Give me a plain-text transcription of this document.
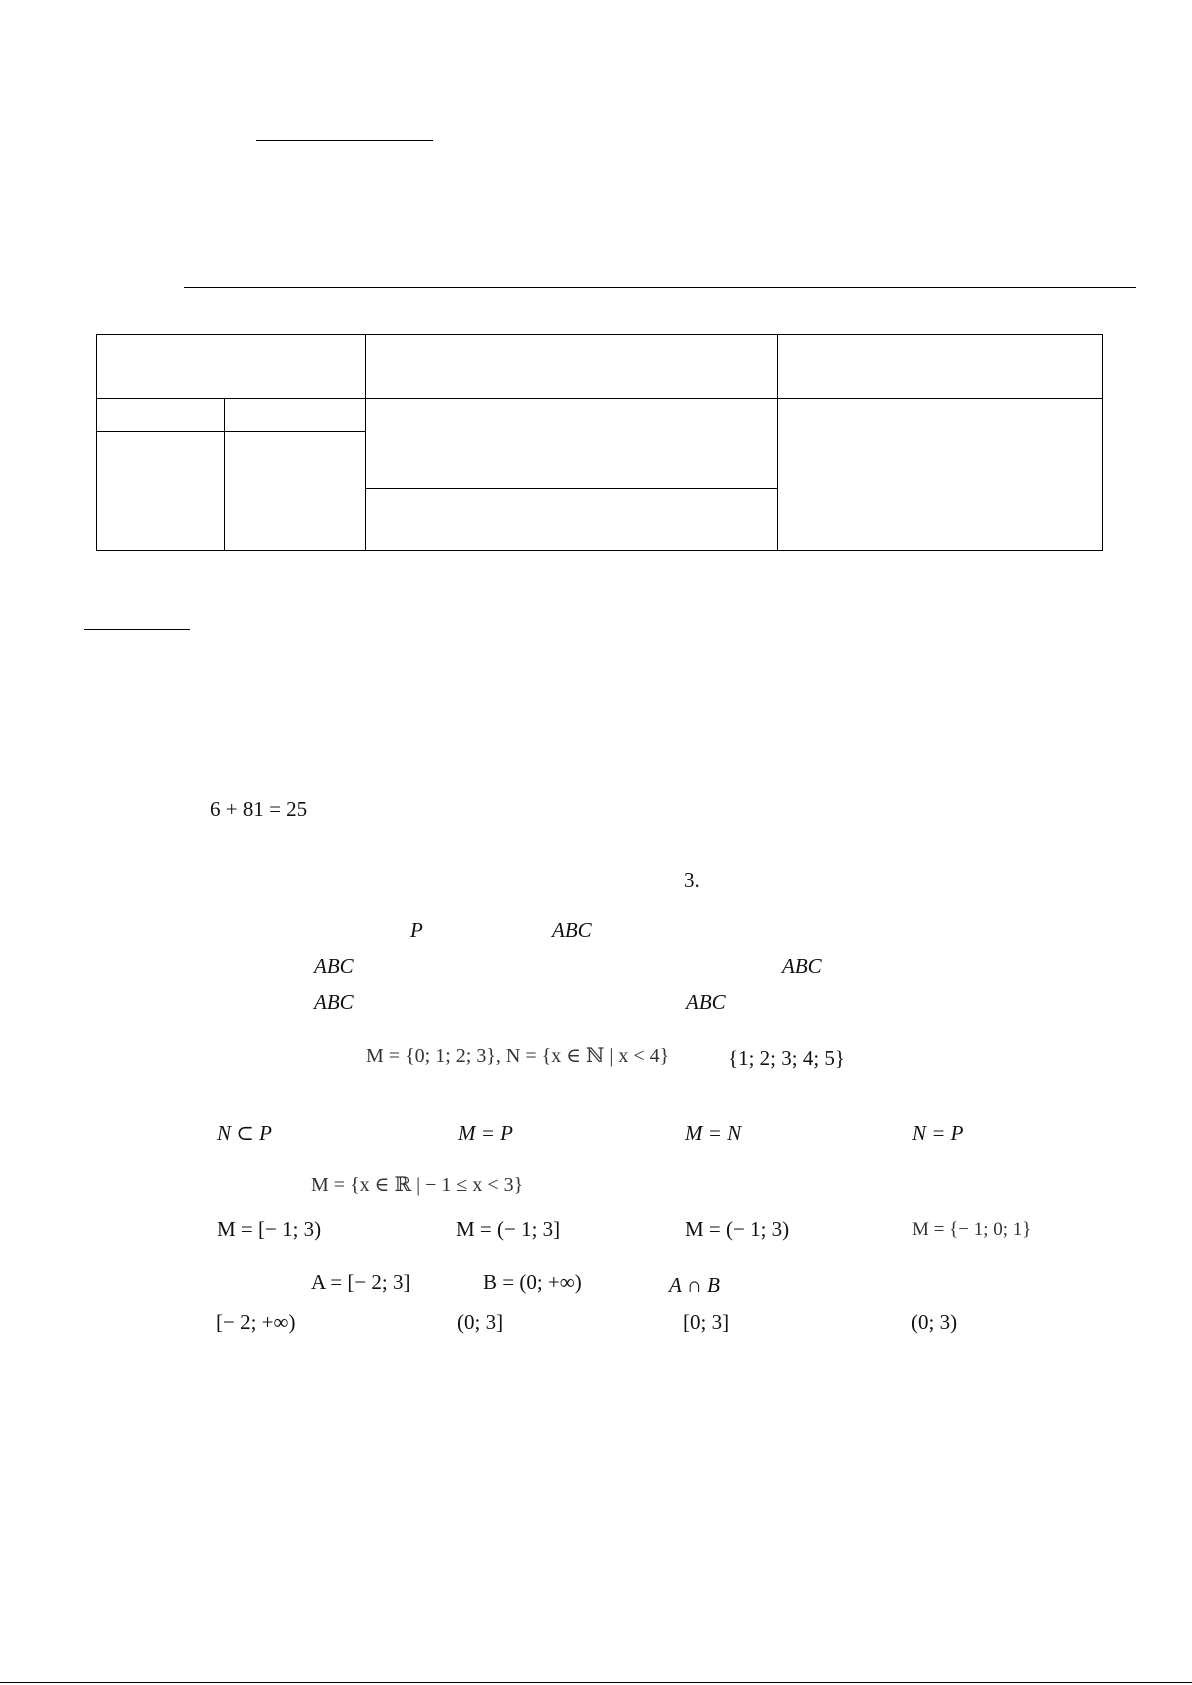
6 + 81 = 25
3.
P	ABC
ABC	ABC
ABC	ABC
M = {0; 1; 2; 3}, N = {x ∈ ℕ | x < 4}	{1; 2; 3; 4; 5}
N ⊂ P	M = P	M = N	N = P
M = {x ∈ ℝ | − 1 ≤ x < 3}
M = [− 1; 3)	M = (− 1; 3]	M = (− 1; 3)	M = {− 1; 0; 1}
A = [− 2; 3]	B = (0; +∞)	A ∩ B
[− 2; +∞)	(0; 3]	[0; 3]	(0; 3)
